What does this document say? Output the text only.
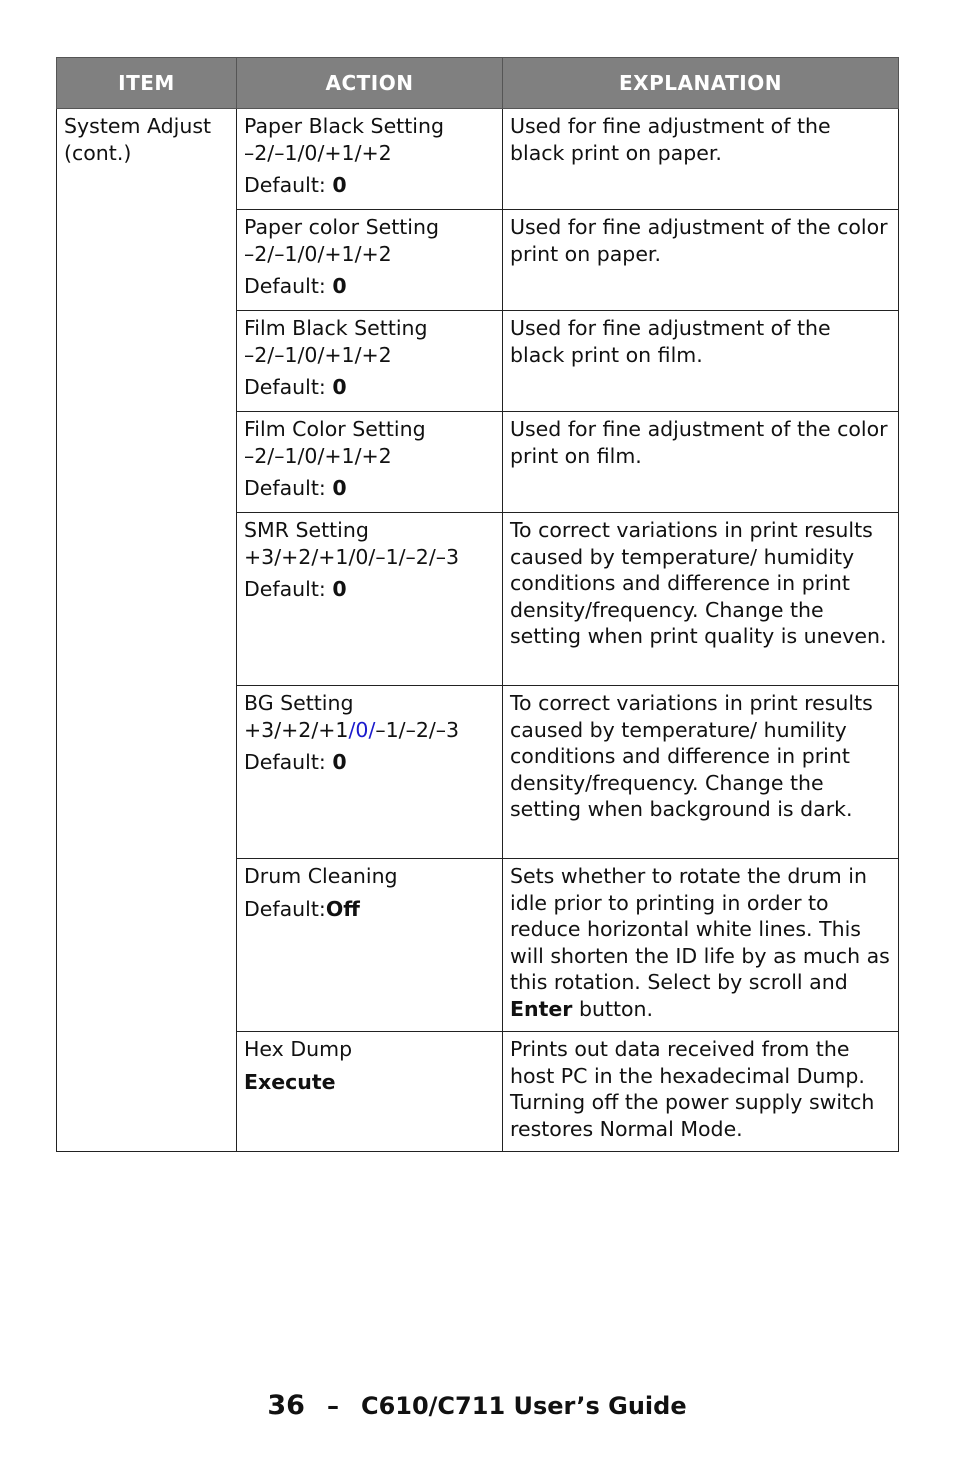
ITEM	ACTION	EXPLANATION
System Adjust (cont.)	Paper Black Setting
–2/–1/0/+1/+2
Default: 0	Used for fine adjustment of the black print on paper.

	Paper color Setting
–2/–1/0/+1/+2
Default: 0	Used for fine adjustment of the color print on paper.

	Film Black Setting
–2/–1/0/+1/+2
Default: 0	Used for fine adjustment of the black print on film.

	Film Color Setting
–2/–1/0/+1/+2
Default: 0	Used for fine adjustment of the color print on film.

	SMR Setting
+3/+2/+1/0/–1/–2/–3
Default: 0	To correct variations in print results caused by temperature/ humidity conditions and difference in print density/frequency. Change the setting when print quality is uneven.

	BG Setting
+3/+2/+1/0/–1/–2/–3
Default: 0	To correct variations in print results caused by temperature/ humility conditions and difference in print density/frequency. Change the setting when background is dark.

	Drum Cleaning
Default:Off	Sets whether to rotate the drum in idle prior to printing in order to reduce horizontal white lines. This will shorten the ID life by as much as this rotation. Select by scroll and Enter button.

	Hex Dump
Execute	Prints out data received from the host PC in the hexadecimal Dump. Turning off the power supply switch restores Normal Mode.
36 – C610/C711 User’s Guide
